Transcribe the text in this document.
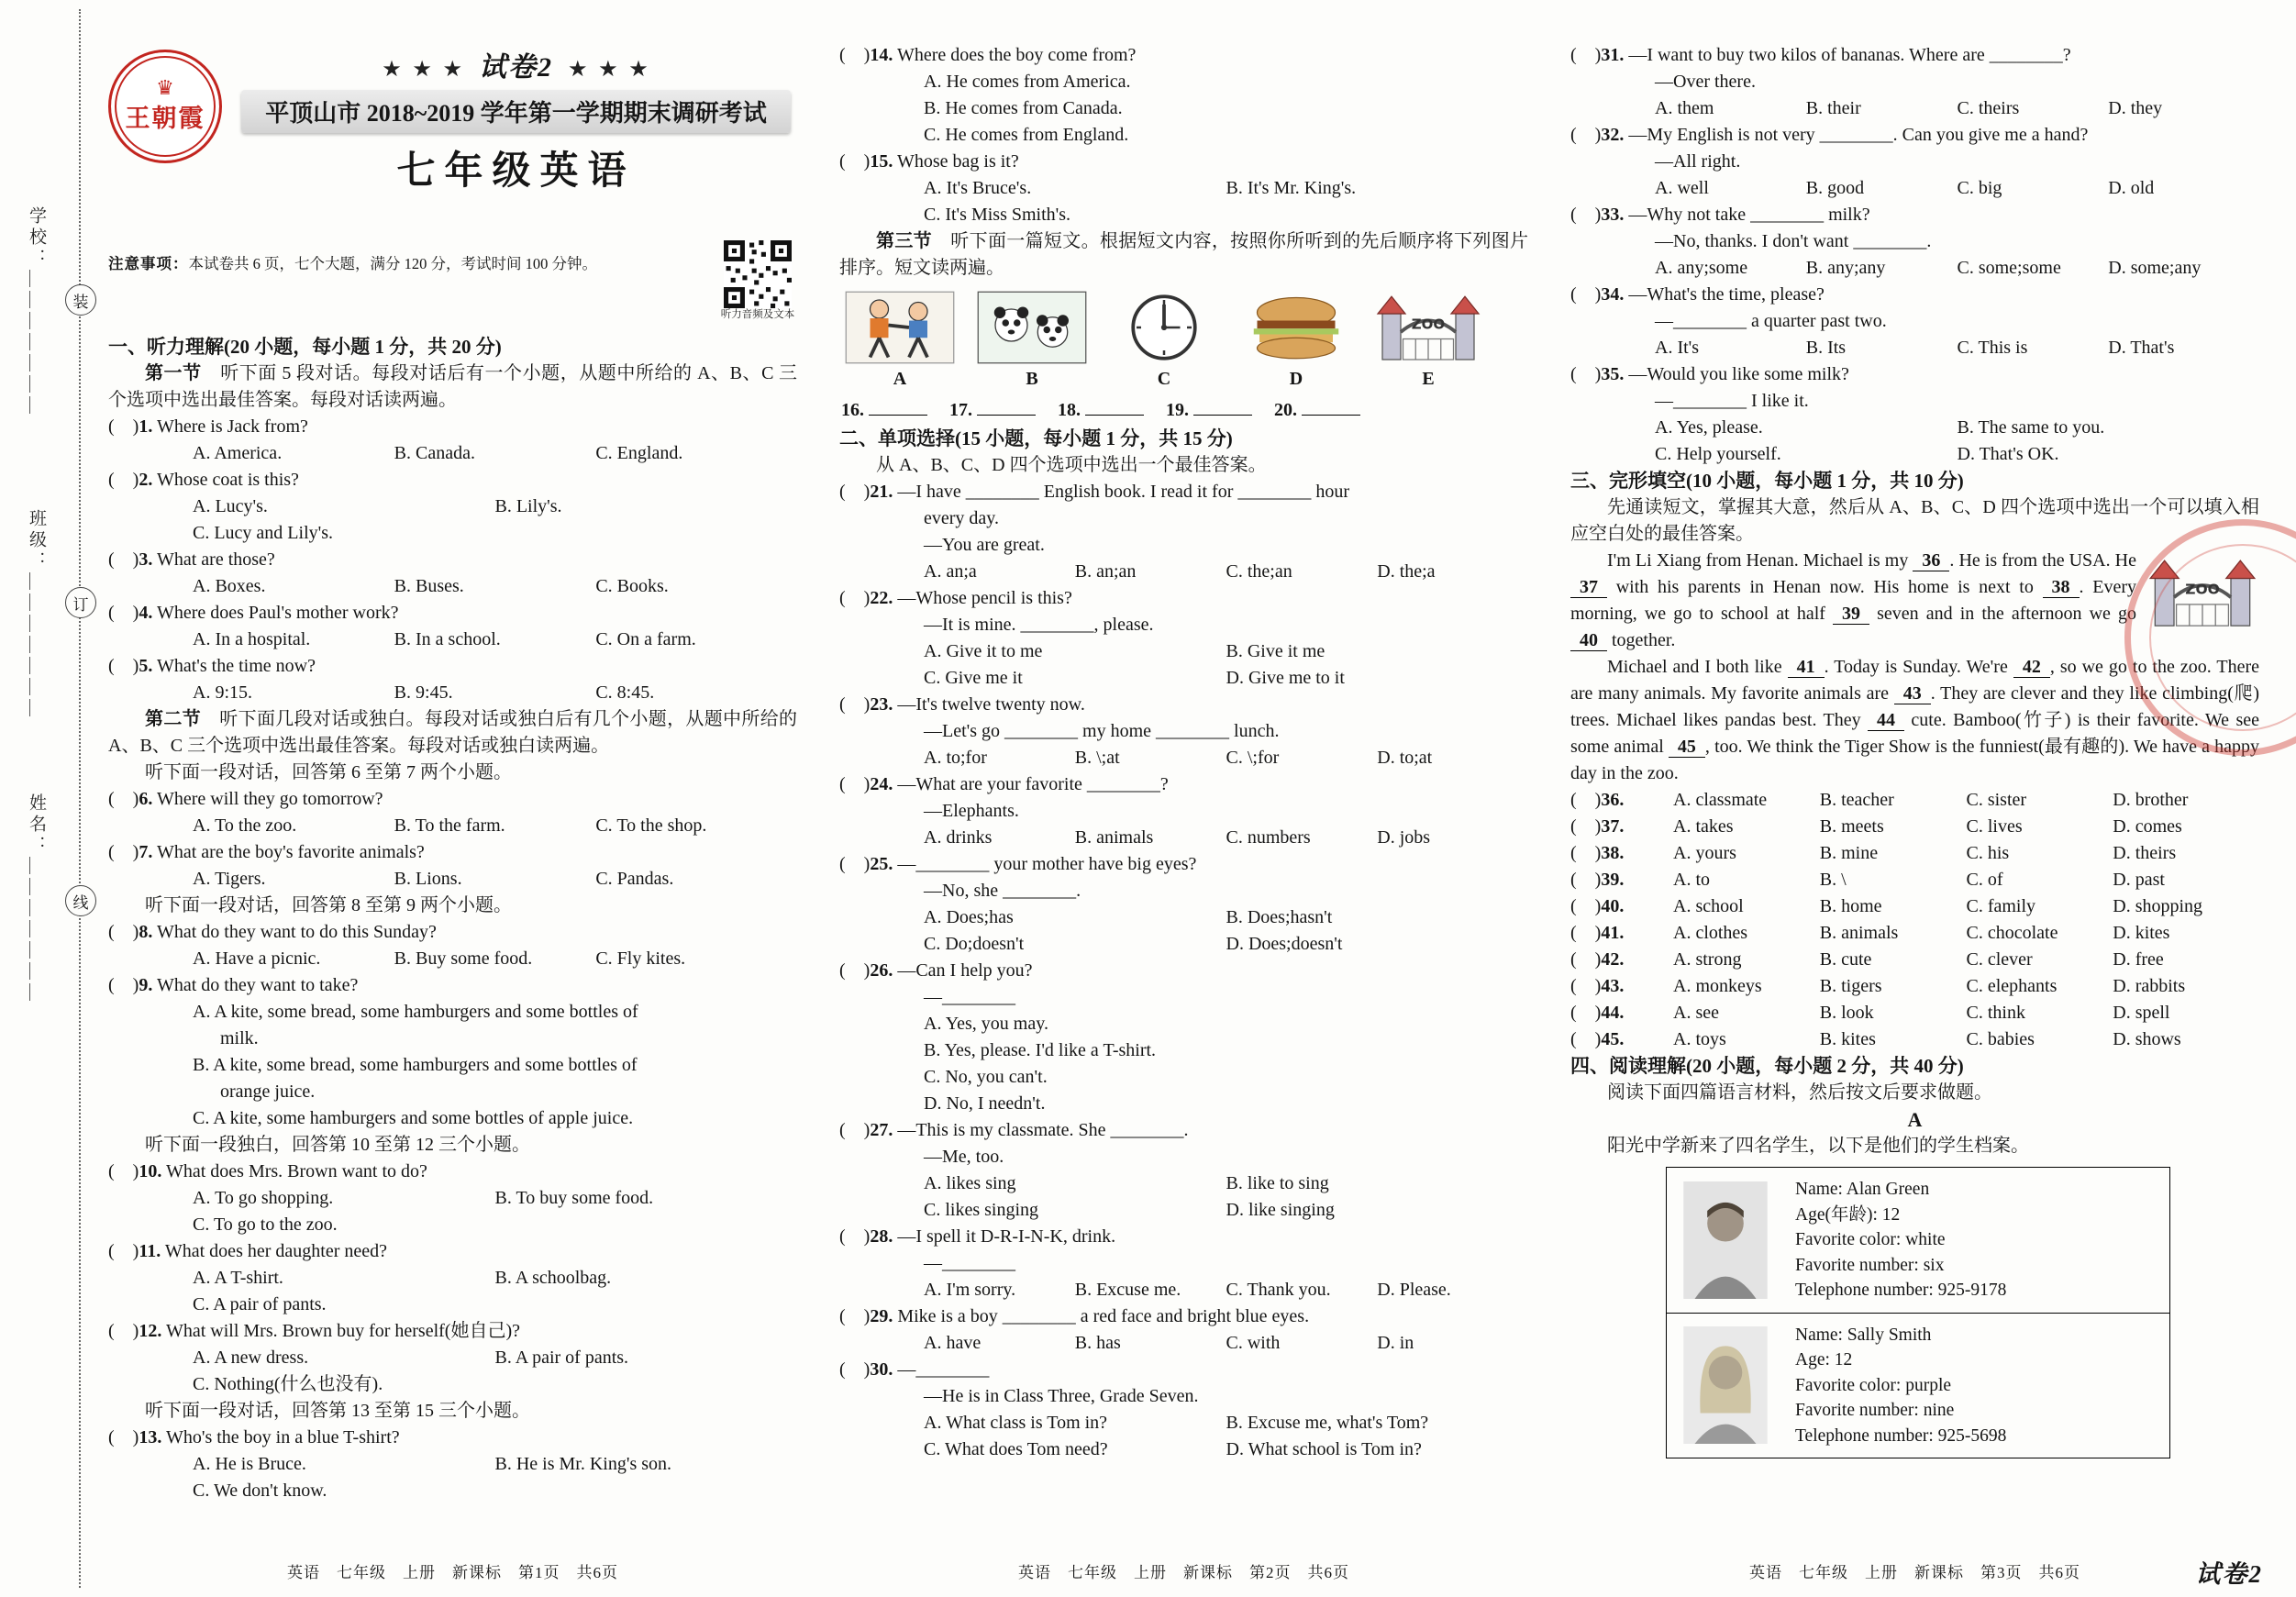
学校：＿＿＿＿＿＿＿
班级：＿＿＿＿＿＿＿
姓名：＿＿＿＿＿＿＿
装
订
线
♛
王朝霞
★ ★ ★ 试卷2 ★ ★ ★
平顶山市 2018~2019 学年第一学期期末调研考试
七年级英语
注意事项：本试卷共 6 页，七个大题，满分 120 分，考试时间 100 分钟。
听力音频及文本
一、听力理解(20 小题，每小题 1 分，共 20 分)
第一节　听下面 5 段对话。每段对话后有一个小题，从题中所给的 A、B、C 三个选项中选出最佳答案。每段对话读两遍。
(    )1. Where is Jack from?
A. America.	B. Canada.	C. England.
(    )2. Whose coat is this?
A. Lucy's.	B. Lily's.
C. Lucy and Lily's.
(    )3. What are those?
A. Boxes.	B. Buses.	C. Books.
(    )4. Where does Paul's mother work?
A. In a hospital.	B. In a school.	C. On a farm.
(    )5. What's the time now?
A. 9:15.	B. 9:45.	C. 8:45.
第二节　听下面几段对话或独白。每段对话或独白后有几个小题，从题中所给的 A、B、C 三个选项中选出最佳答案。每段对话或独白读两遍。
听下面一段对话，回答第 6 至第 7 两个小题。
(    )6. Where will they go tomorrow?
A. To the zoo.	B. To the farm.	C. To the shop.
(    )7. What are the boy's favorite animals?
A. Tigers.	B. Lions.	C. Pandas.
听下面一段对话，回答第 8 至第 9 两个小题。
(    )8. What do they want to do this Sunday?
A. Have a picnic.	B. Buy some food.	C. Fly kites.
(    )9. What do they want to take?
A. A kite, some bread, some hamburgers and some bottles of
milk.
B. A kite, some bread, some hamburgers and some bottles of
orange juice.
C. A kite, some hamburgers and some bottles of apple juice.
听下面一段独白，回答第 10 至第 12 三个小题。
(    )10. What does Mrs. Brown want to do?
A. To go shopping.	B. To buy some food.
C. To go to the zoo.
(    )11. What does her daughter need?
A. A T-shirt.	B. A schoolbag.
C. A pair of pants.
(    )12. What will Mrs. Brown buy for herself(她自己)?
A. A new dress.	B. A pair of pants.
C. Nothing(什么也没有).
听下面一段对话，回答第 13 至第 15 三个小题。
(    )13. Who's the boy in a blue T-shirt?
A. He is Bruce.	B. He is Mr. King's son.
C. We don't know.
(    )14. Where does the boy come from?
A. He comes from America.
B. He comes from Canada.
C. He comes from England.
(    )15. Whose bag is it?
A. It's Bruce's.	B. It's Mr. King's.
C. It's Miss Smith's.
第三节　听下面一篇短文。根据短文内容，按照你所听到的先后顺序将下列图片排序。短文读两遍。
A	B	C	D
ZOO
E
16.	17.	18.	19.	20.
二、单项选择(15 小题，每小题 1 分，共 15 分)
从 A、B、C、D 四个选项中选出一个最佳答案。
(    )21. —I have ________ English book. I read it for ________ hour
every day.
—You are great.
A. an;a	B. an;an	C. the;an	D. the;a
(    )22. —Whose pencil is this?
—It is mine. ________, please.
A. Give it to me	B. Give it me
C. Give me it	D. Give me to it
(    )23. —It's twelve twenty now.
—Let's go ________ my home ________ lunch.
A. to;for	B. \;at	C. \;for	D. to;at
(    )24. —What are your favorite ________?
—Elephants.
A. drinks	B. animals	C. numbers	D. jobs
(    )25. —________ your mother have big eyes?
—No, she ________.
A. Does;has	B. Does;hasn't
C. Do;doesn't	D. Does;doesn't
(    )26. —Can I help you?
—________
A. Yes, you may.
B. Yes, please. I'd like a T-shirt.
C. No, you can't.
D. No, I needn't.
(    )27. —This is my classmate. She ________.
—Me, too.
A. likes sing	B. like to sing
C. likes singing	D. like singing
(    )28. —I spell it D-R-I-N-K, drink.
—________
A. I'm sorry.	B. Excuse me.	C. Thank you.	D. Please.
(    )29. Mike is a boy ________ a red face and bright blue eyes.
A. have	B. has	C. with	D. in
(    )30. —________
—He is in Class Three, Grade Seven.
A. What class is Tom in?	B. Excuse me, what's Tom?
C. What does Tom need?	D. What school is Tom in?
(    )31. —I want to buy two kilos of bananas. Where are ________?
—Over there.
A. them	B. their	C. theirs	D. they
(    )32. —My English is not very ________. Can you give me a hand?
—All right.
A. well	B. good	C. big	D. old
(    )33. —Why not take ________ milk?
—No, thanks. I don't want ________.
A. any;some	B. any;any	C. some;some	D. some;any
(    )34. —What's the time, please?
—________ a quarter past two.
A. It's	B. Its	C. This is	D. That's
(    )35. —Would you like some milk?
—________ I like it.
A. Yes, please.	B. The same to you.
C. Help yourself.	D. That's OK.
三、完形填空(10 小题，每小题 1 分，共 10 分)
先通读短文，掌握其大意，然后从 A、B、C、D 四个选项中选出一个可以填入相应空白处的最佳答案。
ZOO
I'm Li Xiang from Henan. Michael is my 36 . He is from the USA. He 37 with his parents in Henan now. His home is next to 38 . Every morning, we go to school at half 39 seven and in the afternoon we go 40 together.
Michael and I both like 41 . Today is Sunday. We're 42 , so we go to the zoo. There are many animals. My favorite animals are 43 . They are clever and they like climbing(爬) trees. Michael likes pandas best. They 44 cute. Bamboo(竹子) is their favorite. We see some animal 45 , too. We think the Tiger Show is the funniest(最有趣的). We have a happy day in the zoo.
(    )36.	A. classmate	B. teacher	C. sister	D. brother
(    )37.	A. takes	B. meets	C. lives	D. comes
(    )38.	A. yours	B. mine	C. his	D. theirs
(    )39.	A. to	B. \	C. of	D. past
(    )40.	A. school	B. home	C. family	D. shopping
(    )41.	A. clothes	B. animals	C. chocolate	D. kites
(    )42.	A. strong	B. cute	C. clever	D. free
(    )43.	A. monkeys	B. tigers	C. elephants	D. rabbits
(    )44.	A. see	B. look	C. think	D. spell
(    )45.	A. toys	B. kites	C. babies	D. shows
四、阅读理解(20 小题，每小题 2 分，共 40 分)
阅读下面四篇语言材料，然后按文后要求做题。
A
阳光中学新来了四名学生，以下是他们的学生档案。
Name: Alan Green
Age(年龄): 12
Favorite color: white
Favorite number: six
Telephone number: 925-9178
Name: Sally Smith
Age: 12
Favorite color: purple
Favorite number: nine
Telephone number: 925-5698
英语　七年级　上册　新课标　第1页　共6页	英语　七年级　上册　新课标　第2页　共6页	英语　七年级　上册　新课标　第3页　共6页	试卷2
